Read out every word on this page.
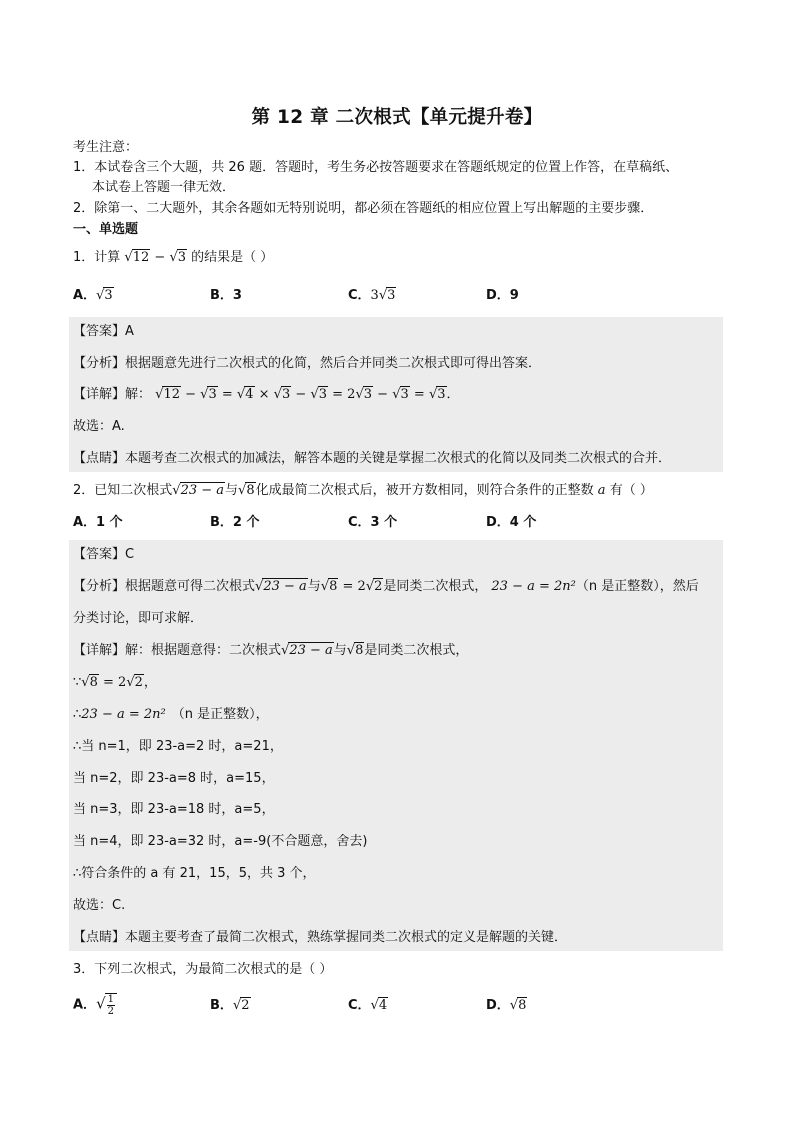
第 12 章 二次根式【单元提升卷】
考生注意：
1．本试卷含三个大题，共 26 题．答题时，考生务必按答题要求在答题纸规定的位置上作答，在草稿纸、
本试卷上答题一律无效．
2．除第一、二大题外，其余各题如无特别说明，都必须在答题纸的相应位置上写出解题的主要步骤．
一、单选题
1．计算 √12 − √3 的结果是（ ）
A．√3	B．3	C．3√3	D．9
【答案】A
【分析】根据题意先进行二次根式的化简，然后合并同类二次根式即可得出答案．
【详解】解： √12 − √3 = √4 × √3 − √3 = 2√3 − √3 = √3．
故选：A.
【点睛】本题考查二次根式的加减法，解答本题的关键是掌握二次根式的化简以及同类二次根式的合并．
2．已知二次根式√23 − a与√8化成最简二次根式后，被开方数相同，则符合条件的正整数 a 有（ ）
A．1 个	B．2 个	C．3 个	D．4 个
【答案】C
【分析】根据题意可得二次根式√23 − a与√8 = 2√2是同类二次根式， 23 − a = 2n²（n 是正整数），然后
分类讨论，即可求解．
【详解】解：根据题意得：二次根式√23 − a与√8是同类二次根式，
∵√8 = 2√2，
∴23 − a = 2n² （n 是正整数），
∴当 n=1，即 23-a=2 时，a=21，
当 n=2，即 23-a=8 时，a=15，
当 n=3，即 23-a=18 时，a=5，
当 n=4，即 23-a=32 时，a=-9(不合题意，舍去)
∴符合条件的 a 有 21，15，5，共 3 个，
故选：C.
【点睛】本题主要考查了最简二次根式，熟练掌握同类二次根式的定义是解题的关键．
3．下列二次根式，为最简二次根式的是（ ）
A．√ $\frac{1}{2}$	B．√2	C．√4	D．√8
